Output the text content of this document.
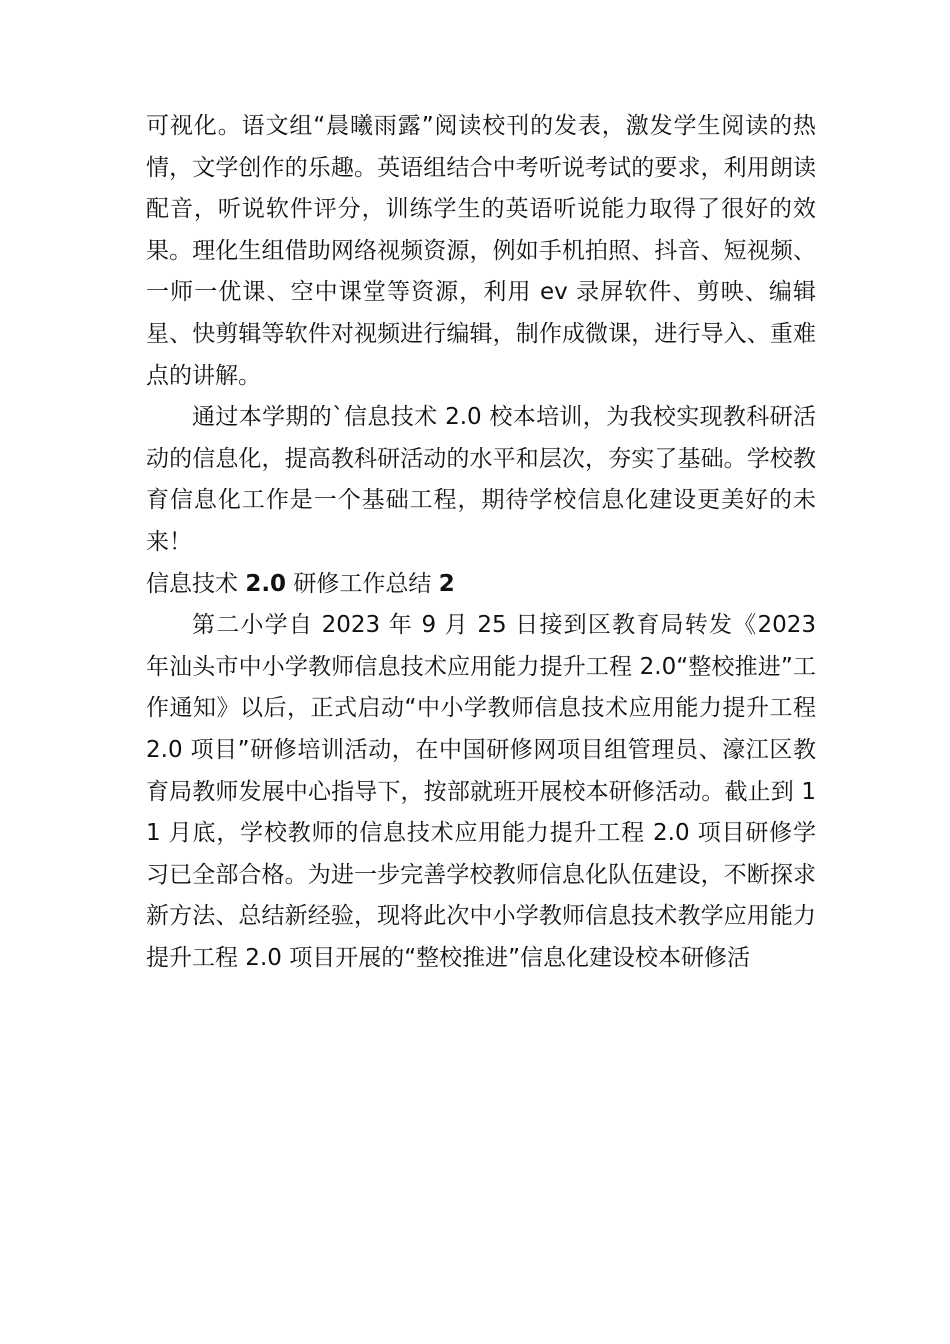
可视化。语文组“晨曦雨露”阅读校刊的发表，激发学生阅读的热情，文学创作的乐趣。英语组结合中考听说考试的要求，利用朗读配音，听说软件评分，训练学生的英语听说能力取得了很好的效果。理化生组借助网络视频资源，例如手机拍照、抖音、短视频、一师一优课、空中课堂等资源，利用 ev 录屏软件、剪映、编辑星、快剪辑等软件对视频进行编辑，制作成微课，进行导入、重难点的讲解。

通过本学期的`信息技术 2.0 校本培训，为我校实现教科研活动的信息化，提高教科研活动的水平和层次，夯实了基础。学校教育信息化工作是一个基础工程，期待学校信息化建设更美好的未来！

信息技术 2.0 研修工作总结 2

第二小学自 2023 年 9 月 25 日接到区教育局转发《2023 年汕头市中小学教师信息技术应用能力提升工程 2.0“整校推进”工作通知》以后，正式启动“中小学教师信息技术应用能力提升工程 2.0 项目”研修培训活动，在中国研修网项目组管理员、濠江区教育局教师发展中心指导下，按部就班开展校本研修活动。截止到 11 月底，学校教师的信息技术应用能力提升工程 2.0 项目研修学习已全部合格。为进一步完善学校教师信息化队伍建设，不断探求新方法、总结新经验，现将此次中小学教师信息技术教学应用能力提升工程 2.0 项目开展的“整校推进”信息化建设校本研修活
